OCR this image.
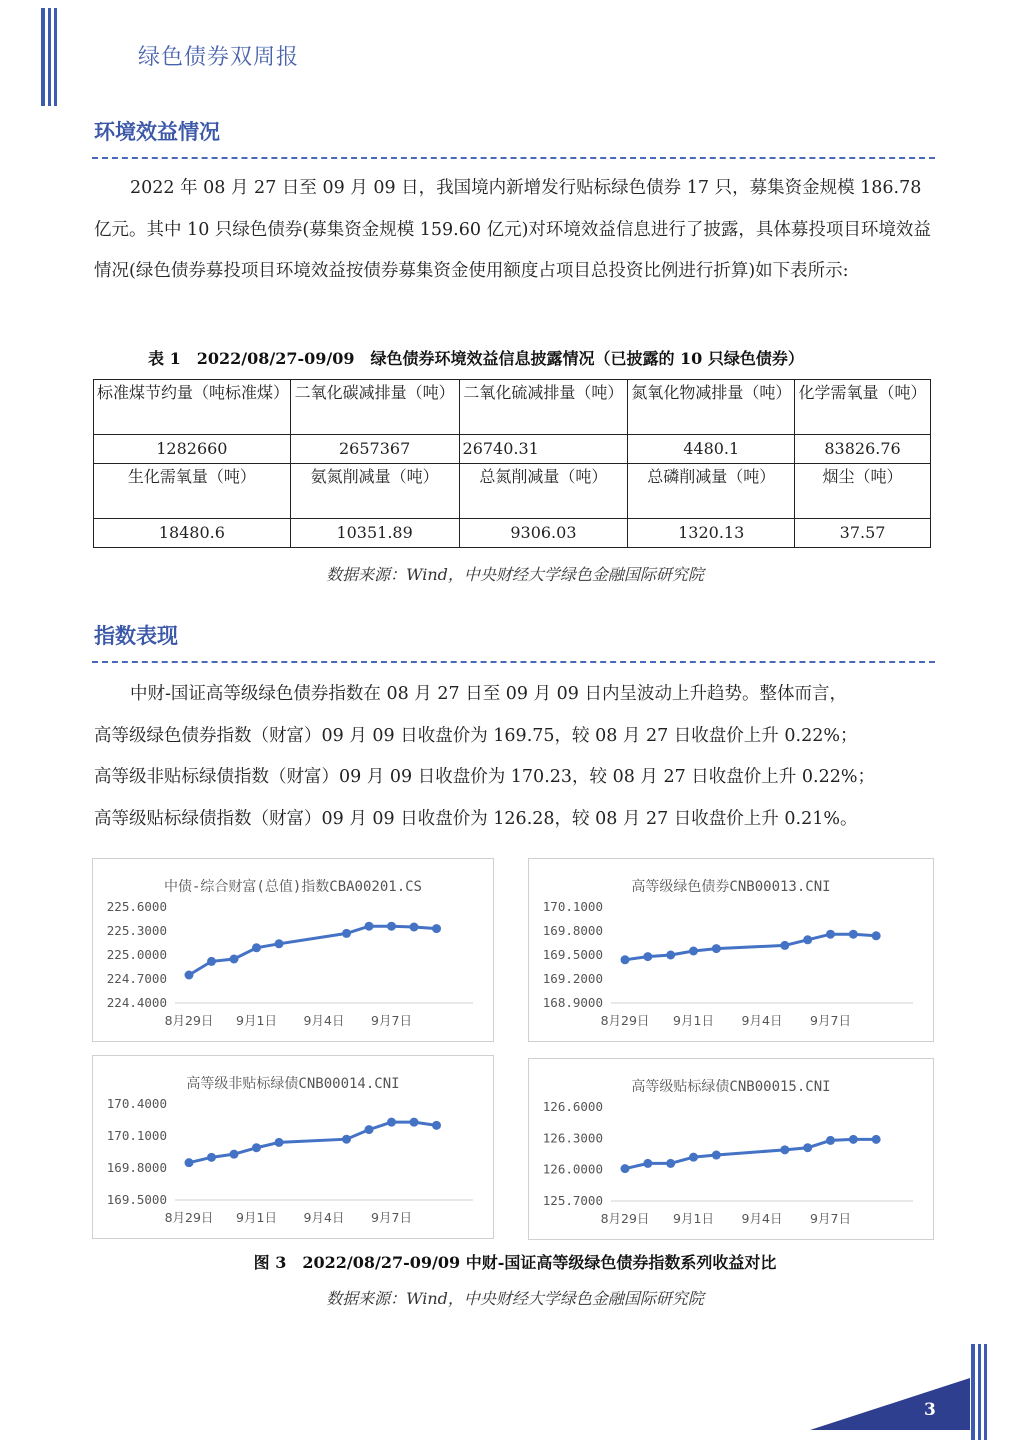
绿色债券双周报
环境效益情况

2022 年 08 月 27 日至 09 月 09 日，我国境内新增发行贴标绿色债券 17 只，募集资金规模 186.78 亿元。其中 10 只绿色债券(募集资金规模 159.60 亿元)对环境效益信息进行了披露，具体募投项目环境效益情况(绿色债券募投项目环境效益按债券募集资金使用额度占项目总投资比例进行折算)如下表所示:

表 1　2022/08/27-09/09　绿色债券环境效益信息披露情况（已披露的 10 只绿色债券）
标准煤节约量（吨标准煤）	二氧化碳减排量（吨）	二氧化硫减排量（吨）	氮氧化物减排量（吨）	化学需氧量（吨）
1282660	2657367	26740.31	4480.1	83826.76
生化需氧量（吨）	氨氮削减量（吨）	总氮削减量（吨）	总磷削减量（吨）	烟尘（吨）
18480.6	10351.89	9306.03	1320.13	37.57
数据来源：Wind，中央财经大学绿色金融国际研究院
指数表现

中财-国证高等级绿色债券指数在 08 月 27 日至 09 月 09 日内呈波动上升趋势。整体而言，

高等级绿色债券指数（财富）09 月 09 日收盘价为 169.75，较 08 月 27 日收盘价上升 0.22%；

高等级非贴标绿债指数（财富）09 月 09 日收盘价为 170.23，较 08 月 27 日收盘价上升 0.22%；

高等级贴标绿债指数（财富）09 月 09 日收盘价为 126.28，较 08 月 27 日收盘价上升 0.21%。

中债-综合财富(总值)指数CBA00201.CS
225.6000
225.3000
225.0000
224.7000
224.4000
8月29日 9月1日 9月4日 9月7日
高等级绿色债券CNB00013.CNI
170.1000
169.8000
169.5000
169.2000
168.9000
8月29日 9月1日 9月4日 9月7日
高等级非贴标绿债CNB00014.CNI
170.4000
170.1000
169.8000
169.5000
8月29日 9月1日 9月4日 9月7日
高等级贴标绿债CNB00015.CNI
126.6000
126.3000
126.0000
125.7000
8月29日 9月1日 9月4日 9月7日
图 3　2022/08/27-09/09 中财-国证高等级绿色债券指数系列收益对比
数据来源：Wind，中央财经大学绿色金融国际研究院
3
